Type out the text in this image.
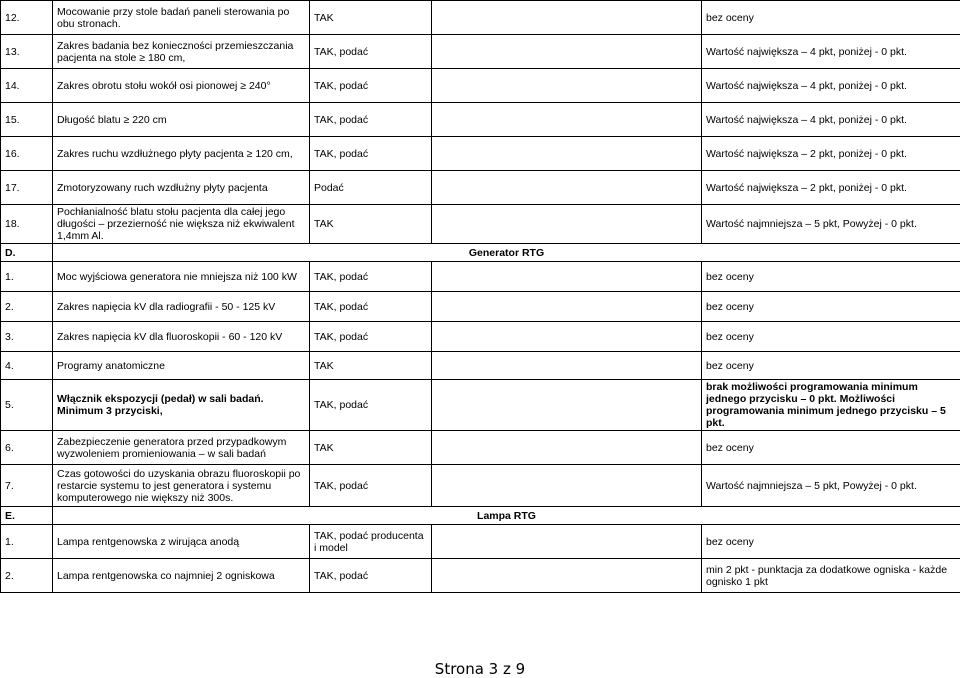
12.	Mocowanie przy stole badań paneli sterowania po obu stronach.	TAK		bez oceny
13.	Zakres badania bez konieczności przemieszczania pacjenta na stole ≥ 180 cm,	TAK, podać		Wartość największa – 4 pkt, poniżej - 0 pkt.
14.	Zakres obrotu stołu wokół osi pionowej ≥ 240°	TAK, podać		Wartość największa – 4 pkt, poniżej - 0 pkt.
15.	Długość blatu ≥ 220 cm	TAK, podać		Wartość największa – 4 pkt, poniżej - 0 pkt.
16.	Zakres ruchu wzdłużnego płyty pacjenta ≥ 120 cm,	TAK, podać		Wartość największa – 2 pkt, poniżej - 0 pkt.
17.	Zmotoryzowany ruch wzdłużny płyty pacjenta	Podać		Wartość największa – 2 pkt, poniżej - 0 pkt.
18.	Pochłanialność blatu stołu pacjenta dla całej jego długości – przezierność nie większa niż ekwiwalent 1,4mm Al.	TAK		Wartość najmniejsza – 5 pkt, Powyżej - 0 pkt.
D.	Generator RTG			
1.	Moc wyjściowa generatora nie mniejsza niż 100 kW	TAK, podać		bez oceny
2.	Zakres napięcia kV dla radiografii - 50 - 125 kV	TAK, podać		bez oceny
3.	Zakres napięcia kV dla fluoroskopii - 60 - 120 kV	TAK, podać		bez oceny
4.	Programy anatomiczne	TAK		bez oceny
5.	Włącznik ekspozycji (pedał) w sali badań. Minimum 3 przyciski,	TAK, podać		brak możliwości programowania minimum jednego przycisku – 0 pkt. Możliwości programowania minimum jednego przycisku – 5 pkt.
6.	Zabezpieczenie generatora przed przypadkowym wyzwoleniem promieniowania – w sali badań	TAK		bez oceny
7.	Czas gotowości do uzyskania obrazu fluoroskopii po restarcie systemu to jest generatora i systemu komputerowego nie większy niż 300s.	TAK, podać		Wartość najmniejsza – 5 pkt, Powyżej - 0 pkt.
E.	Lampa RTG			
1.	Lampa rentgenowska z wirująca anodą	TAK, podać producenta i model		bez oceny
2.	Lampa rentgenowska co najmniej 2 ogniskowa	TAK, podać		min 2 pkt - punktacja za dodatkowe ogniska - każde ognisko 1 pkt
Strona 3 z 9
